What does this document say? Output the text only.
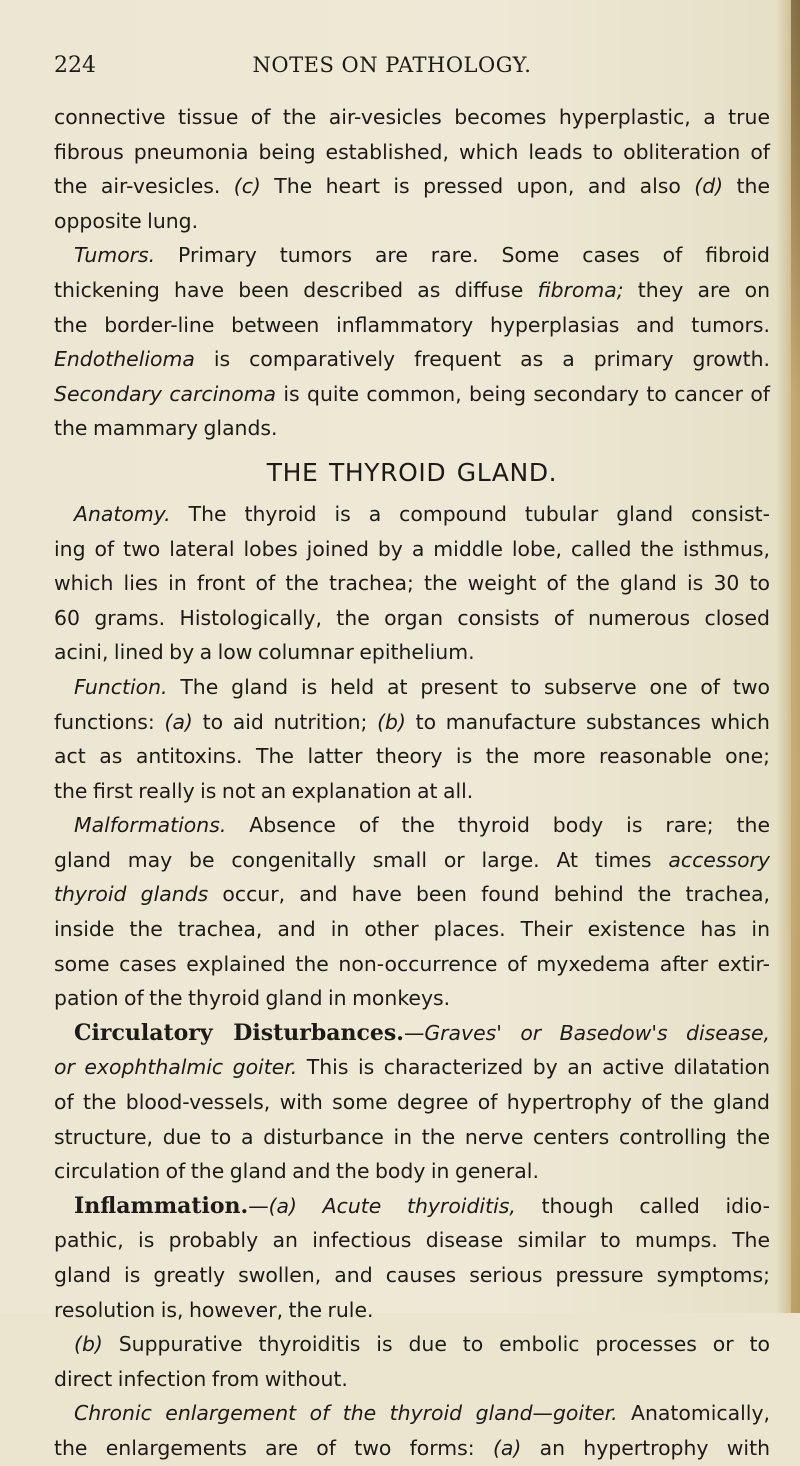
224	NOTES ON PATHOLOGY.
connective tissue of the air-vesicles becomes hyperplastic, a true
fibrous pneumonia being established, which leads to obliteration of
the air-vesicles. (c) The heart is pressed upon, and also (d) the
opposite lung.
Tumors. Primary tumors are rare. Some cases of fibroid
thickening have been described as diffuse fibroma; they are on
the border-line between inflammatory hyperplasias and tumors.
Endothelioma is comparatively frequent as a primary growth.
Secondary carcinoma is quite common, being secondary to cancer of
the mammary glands.
THE THYROID GLAND.
Anatomy. The thyroid is a compound tubular gland consist-
ing of two lateral lobes joined by a middle lobe, called the isthmus,
which lies in front of the trachea; the weight of the gland is 30 to
60 grams. Histologically, the organ consists of numerous closed
acini, lined by a low columnar epithelium.
Function. The gland is held at present to subserve one of two
functions: (a) to aid nutrition; (b) to manufacture substances which
act as antitoxins. The latter theory is the more reasonable one;
the first really is not an explanation at all.
Malformations. Absence of the thyroid body is rare; the
gland may be congenitally small or large. At times accessory
thyroid glands occur, and have been found behind the trachea,
inside the trachea, and in other places. Their existence has in
some cases explained the non-occurrence of myxedema after extir-
pation of the thyroid gland in monkeys.
Circulatory Disturbances.—Graves' or Basedow's disease,
or exophthalmic goiter. This is characterized by an active dilatation
of the blood-vessels, with some degree of hypertrophy of the gland
structure, due to a disturbance in the nerve centers controlling the
circulation of the gland and the body in general.
Inflammation.—(a) Acute thyroiditis, though called idio-
pathic, is probably an infectious disease similar to mumps. The
gland is greatly swollen, and causes serious pressure symptoms;
resolution is, however, the rule.
(b) Suppurative thyroiditis is due to embolic processes or to
direct infection from without.
Chronic enlargement of the thyroid gland—goiter. Anatomically,
the enlargements are of two forms: (a) an hypertrophy with
